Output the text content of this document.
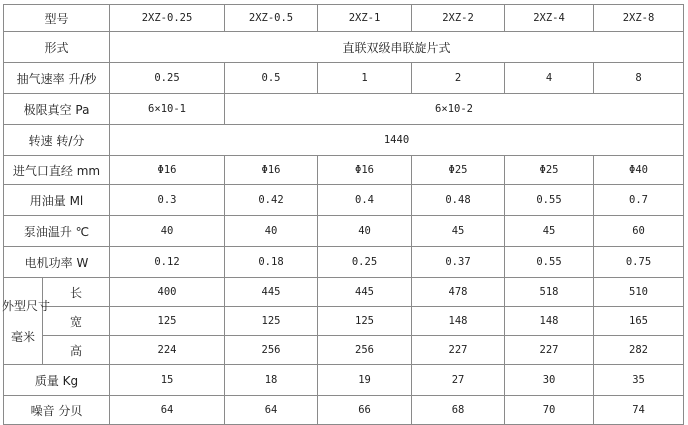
型号		2XZ-0.25	2XZ-0.5	2XZ-1	2XZ-2	2XZ-4	2XZ-8
形式		直联双级串联旋片式					
抽气速率 升/秒		0.25	0.5	1	2	4	8
极限真空 Pa		6×10-1	6×10-2				
转速 转/分		1440					
进气口直经 mm		Φ16	Φ16	Φ16	Φ25	Φ25	Φ40
用油量 Ml		0.3	0.42	0.4	0.48	0.55	0.7
泵油温升 ℃		40	40	40	45	45	60
电机功率 W		0.12	0.18	0.25	0.37	0.55	0.75

外型尺寸
毫米	长	400	445	445	478	518	510
	宽	125	125	125	148	148	165
	高	224	256	256	227	227	282
质量 Kg		15	18	19	27	30	35
噪音 分贝		64	64	66	68	70	74
